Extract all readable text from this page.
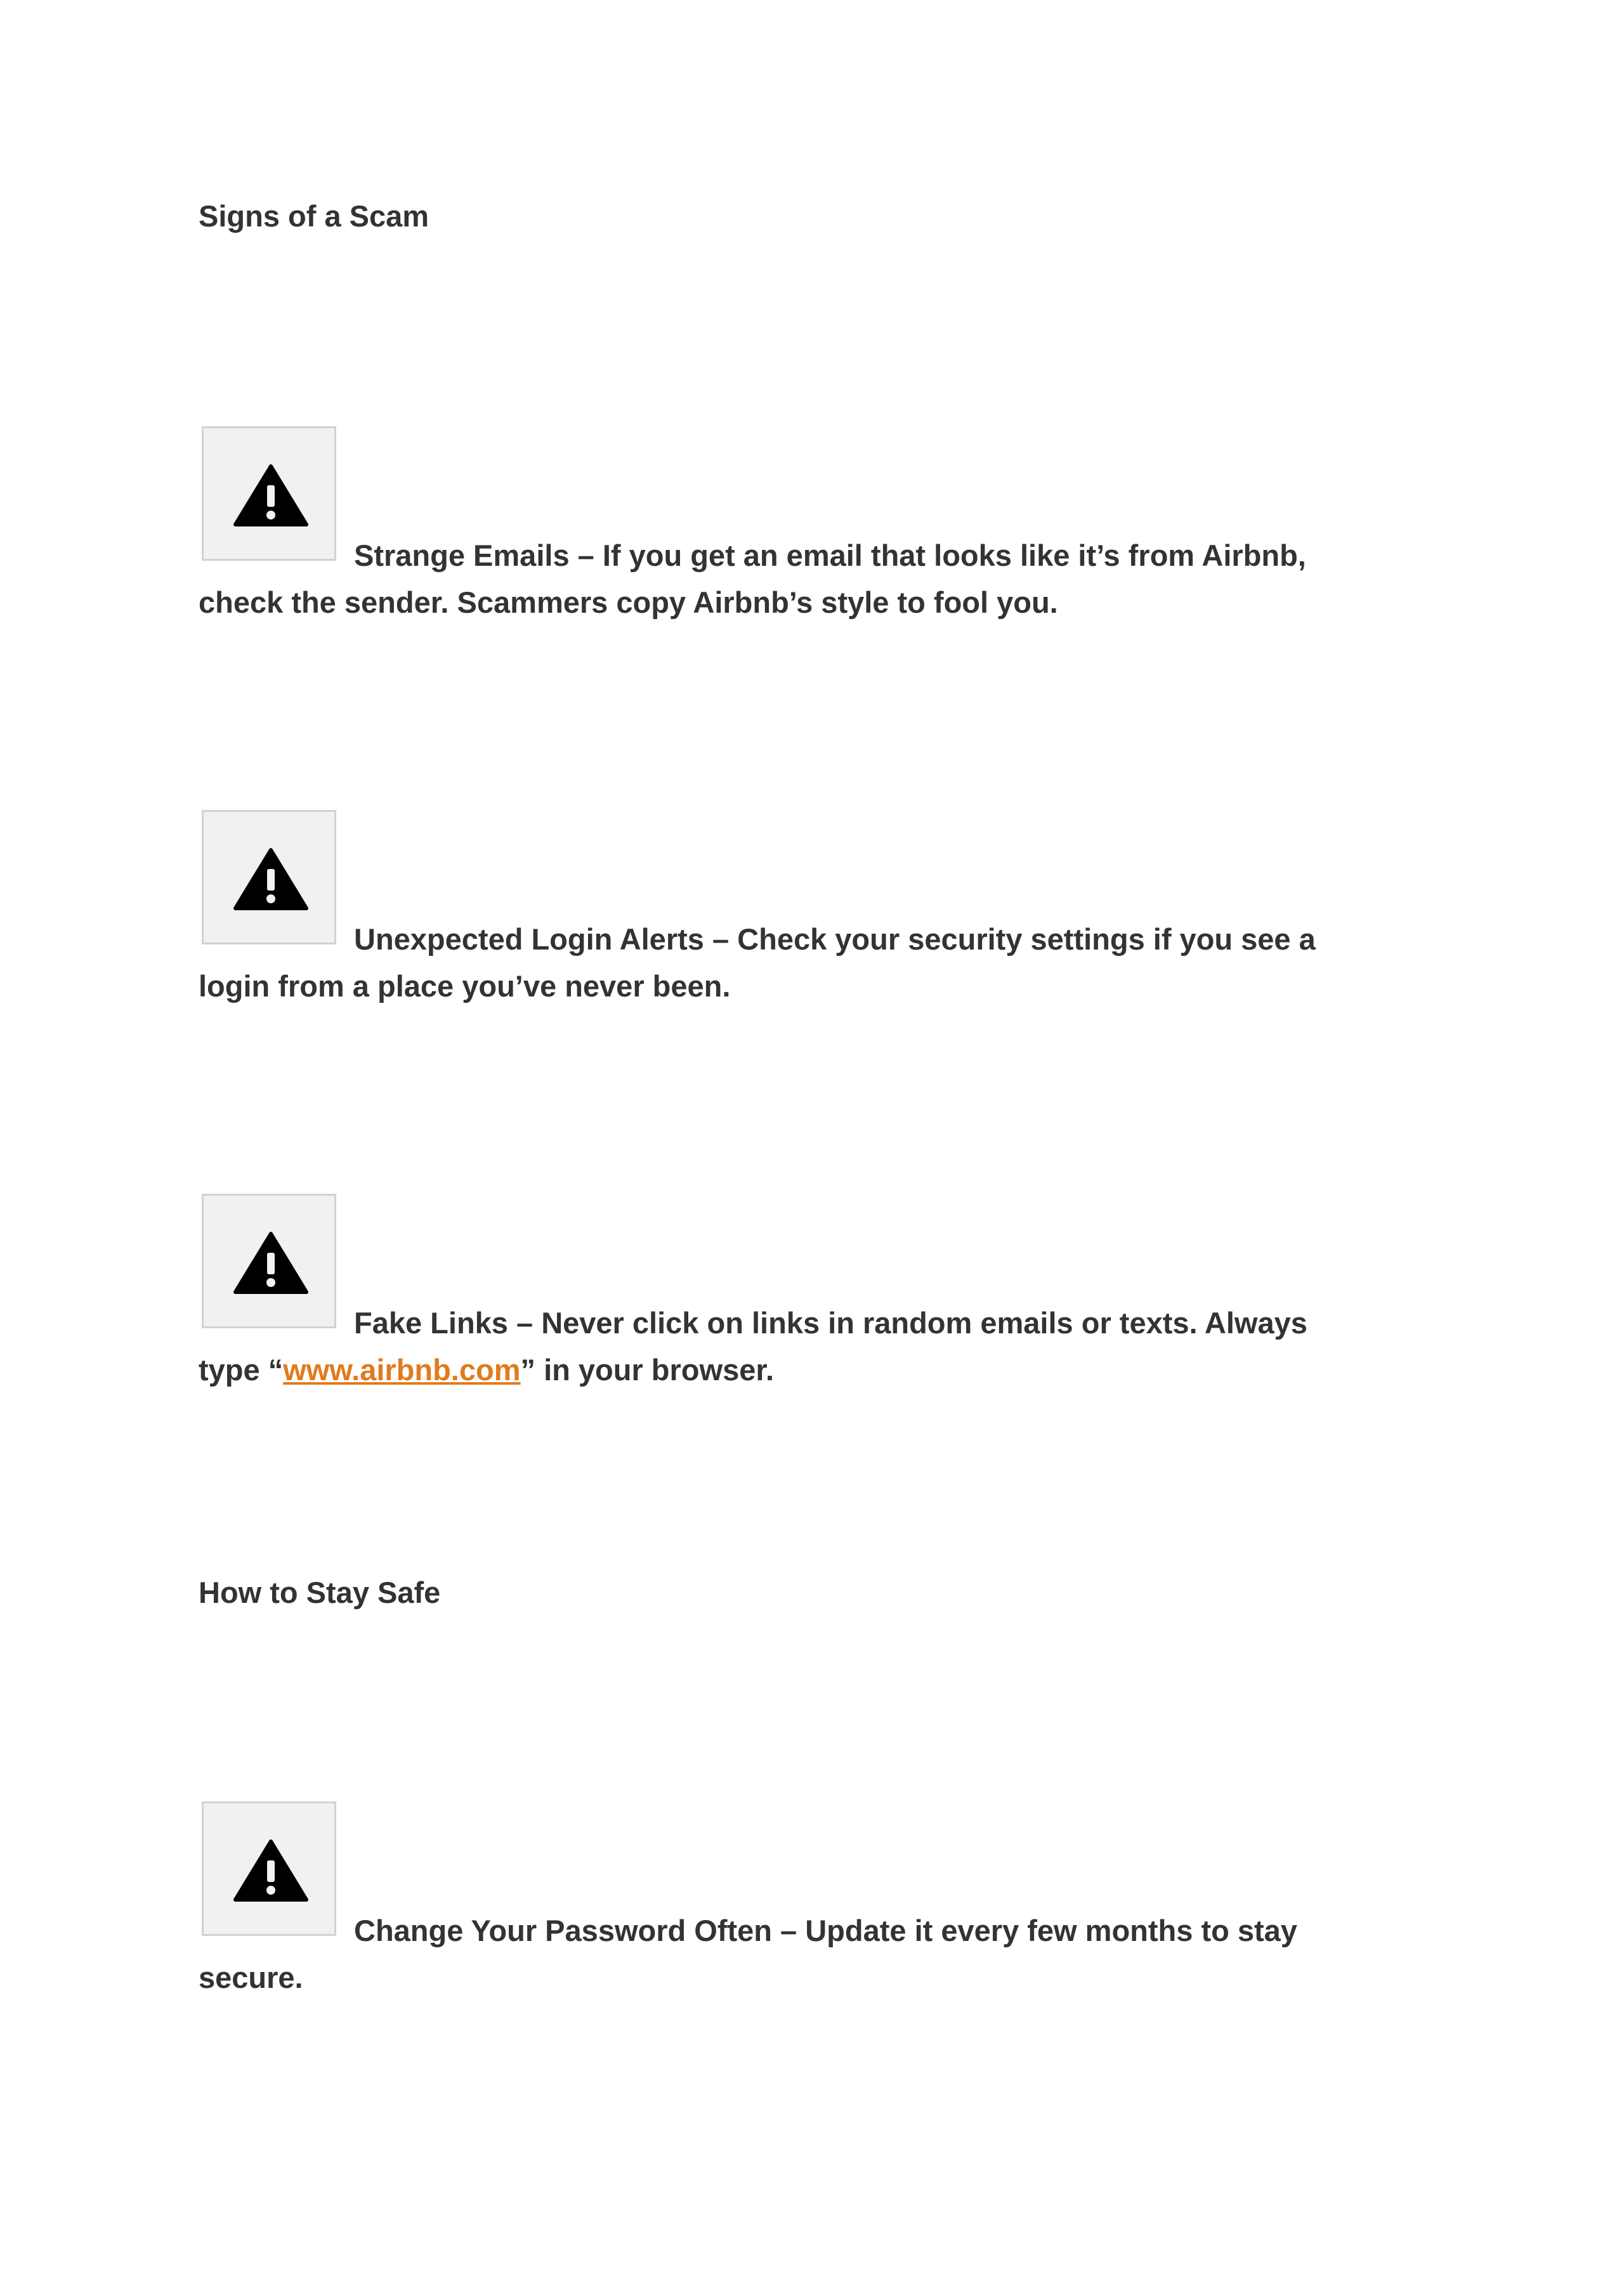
Signs of a Scam

Strange Emails – If you get an email that looks like it’s from Airbnb,

check the sender. Scammers copy Airbnb’s style to fool you.

Unexpected Login Alerts – Check your security settings if you see a

login from a place you’ve never been.

Fake Links – Never click on links in random emails or texts. Always

type “www.airbnb.com” in your browser.

How to Stay Safe

Change Your Password Often – Update it every few months to stay

secure.
